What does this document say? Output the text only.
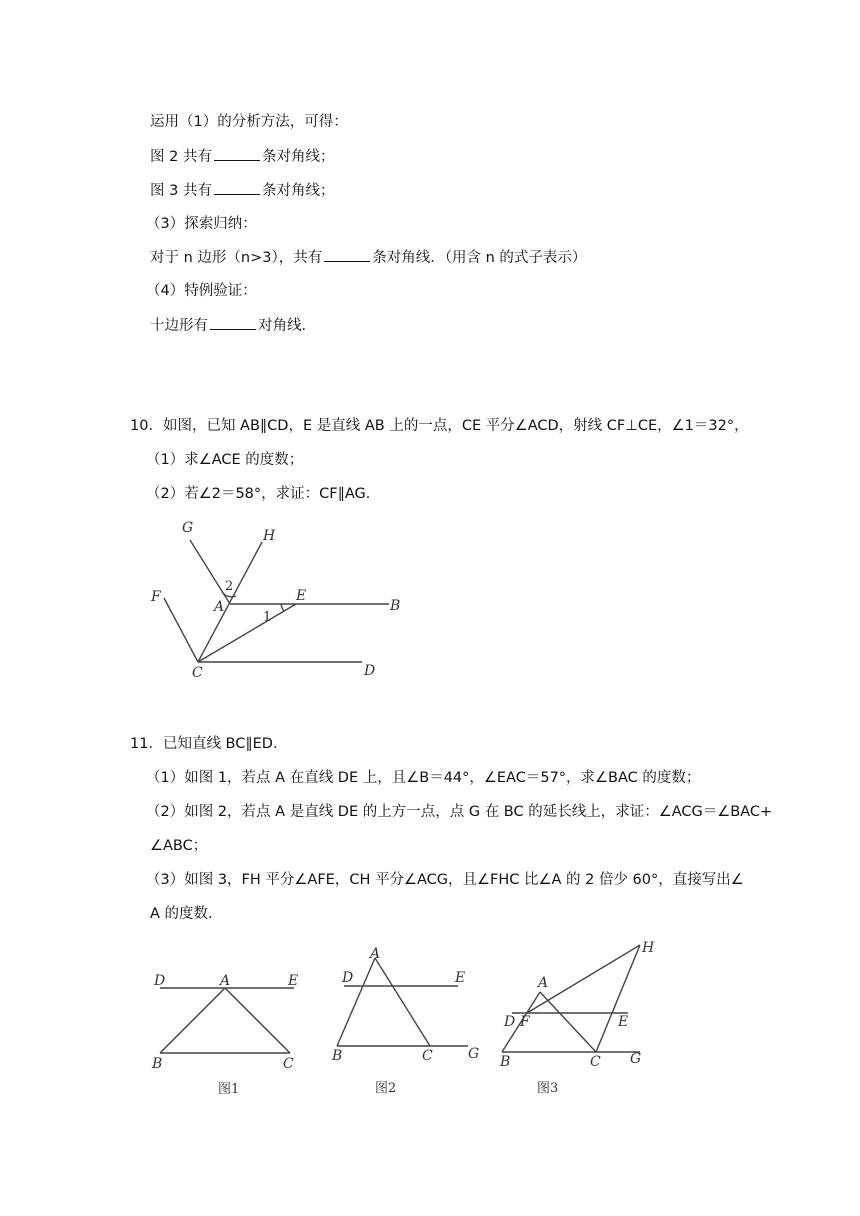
运用（1）的分析方法，可得：
图 2 共有	条对角线；
图 3 共有	条对角线；
（3）探索归纳：
对于 n 边形（n>3），共有	条对角线．（用含 n 的式子表示）
（4）特例验证：
十边形有	对角线．
10．如图，已知 AB∥CD，E 是直线 AB 上的一点，CE 平分∠ACD，射线 CF⊥CE，∠1＝32°，
（1）求∠ACE 的度数；
（2）若∠2＝58°，求证：CF∥AG．
G	H
F
A
E
B
C	D
1
2
11．已知直线 BC∥ED．
（1）如图 1，若点 A 在直线 DE 上，且∠B＝44°，∠EAC＝57°，求∠BAC 的度数；
（2）如图 2，若点 A 是直线 DE 的上方一点，点 G 在 BC 的延长线上，求证：∠ACG＝∠BAC+
∠ABC；
（3）如图 3，FH 平分∠AFE，CH 平分∠ACG，且∠FHC 比∠A 的 2 倍少 60°，直接写出∠
A 的度数．
D	A	E
B	C
图1
A
D	E
B	C	G
图2
H
A
D F	E
B	C G
图3
